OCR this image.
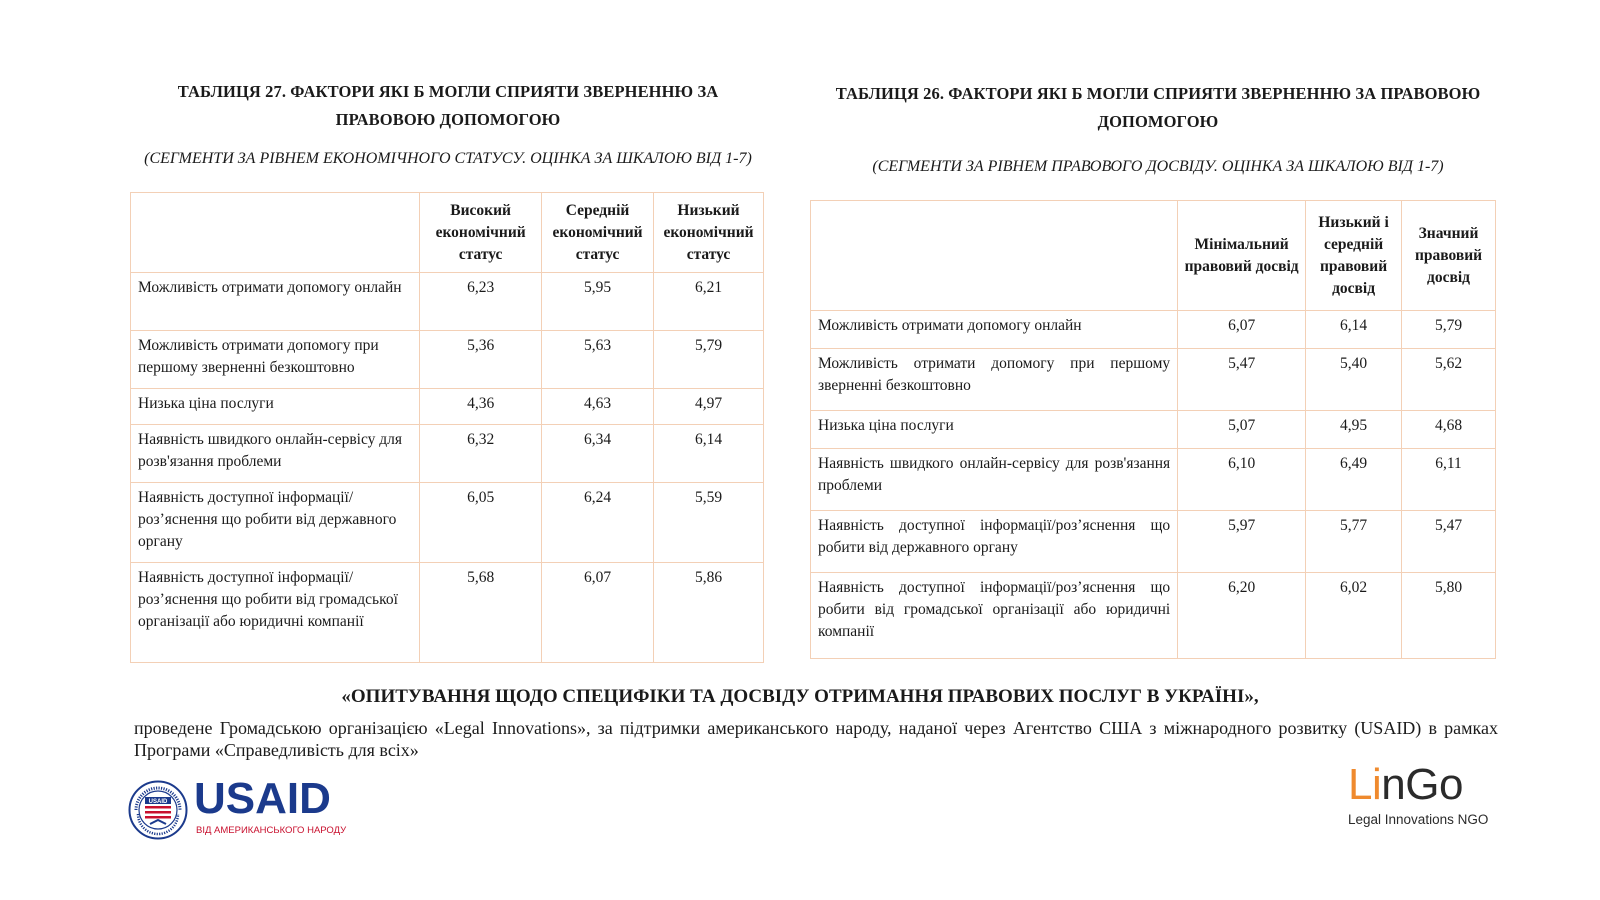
ТАБЛИЦЯ 27. ФАКТОРИ ЯКІ Б МОГЛИ СПРИЯТИ ЗВЕРНЕННЮ ЗА ПРАВОВОЮ ДОПОМОГОЮ
(СЕГМЕНТИ ЗА РІВНЕМ ЕКОНОМІЧНОГО СТАТУСУ. ОЦІНКА ЗА ШКАЛОЮ ВІД 1-7)
	Високий економічний статус	Середній економічний статус	Низький економічний статус
Можливість отримати допомогу онлайн	6,23	5,95	6,21
Можливість отримати допомогу при першому зверненні безкоштовно	5,36	5,63	5,79
Низька ціна послуги	4,36	4,63	4,97
Наявність швидкого онлайн-сервісу для розв'язання проблеми	6,32	6,34	6,14
Наявність доступної інформації/роз’яснення що робити від державного органу	6,05	6,24	5,59
Наявність доступної інформації/роз’яснення що робити від громадської організації або юридичні компанії	5,68	6,07	5,86
ТАБЛИЦЯ 26. ФАКТОРИ ЯКІ Б МОГЛИ СПРИЯТИ ЗВЕРНЕННЮ ЗА ПРАВОВОЮ ДОПОМОГОЮ
(СЕГМЕНТИ ЗА РІВНЕМ ПРАВОВОГО ДОСВІДУ. ОЦІНКА ЗА ШКАЛОЮ ВІД 1-7)
	Мінімальний правовий досвід	Низький і середній правовий досвід	Значний правовий досвід
Можливість отримати допомогу онлайн	6,07	6,14	5,79
Можливість отримати допомогу при першому зверненні безкоштовно	5,47	5,40	5,62
Низька ціна послуги	5,07	4,95	4,68
Наявність швидкого онлайн-сервісу для розв'язання проблеми	6,10	6,49	6,11
Наявність доступної інформації/роз’яснення що робити від державного органу	5,97	5,77	5,47
Наявність доступної інформації/роз’яснення що робити від громадської організації або юридичні компанії	6,20	6,02	5,80
«ОПИТУВАННЯ ЩОДО СПЕЦИФІКИ ТА ДОСВІДУ ОТРИМАННЯ ПРАВОВИХ ПОСЛУГ В УКРАЇНІ»,
проведене Громадською організацією «Legal Innovations», за підтримки американського народу, наданої через Агентство США з міжнародного розвитку (USAID) в рамках Програми «Справедливість для всіх»
USAID USAID
ВІД АМЕРИКАНСЬКОГО НАРОДУ
LinGo
Legal Innovations NGO
